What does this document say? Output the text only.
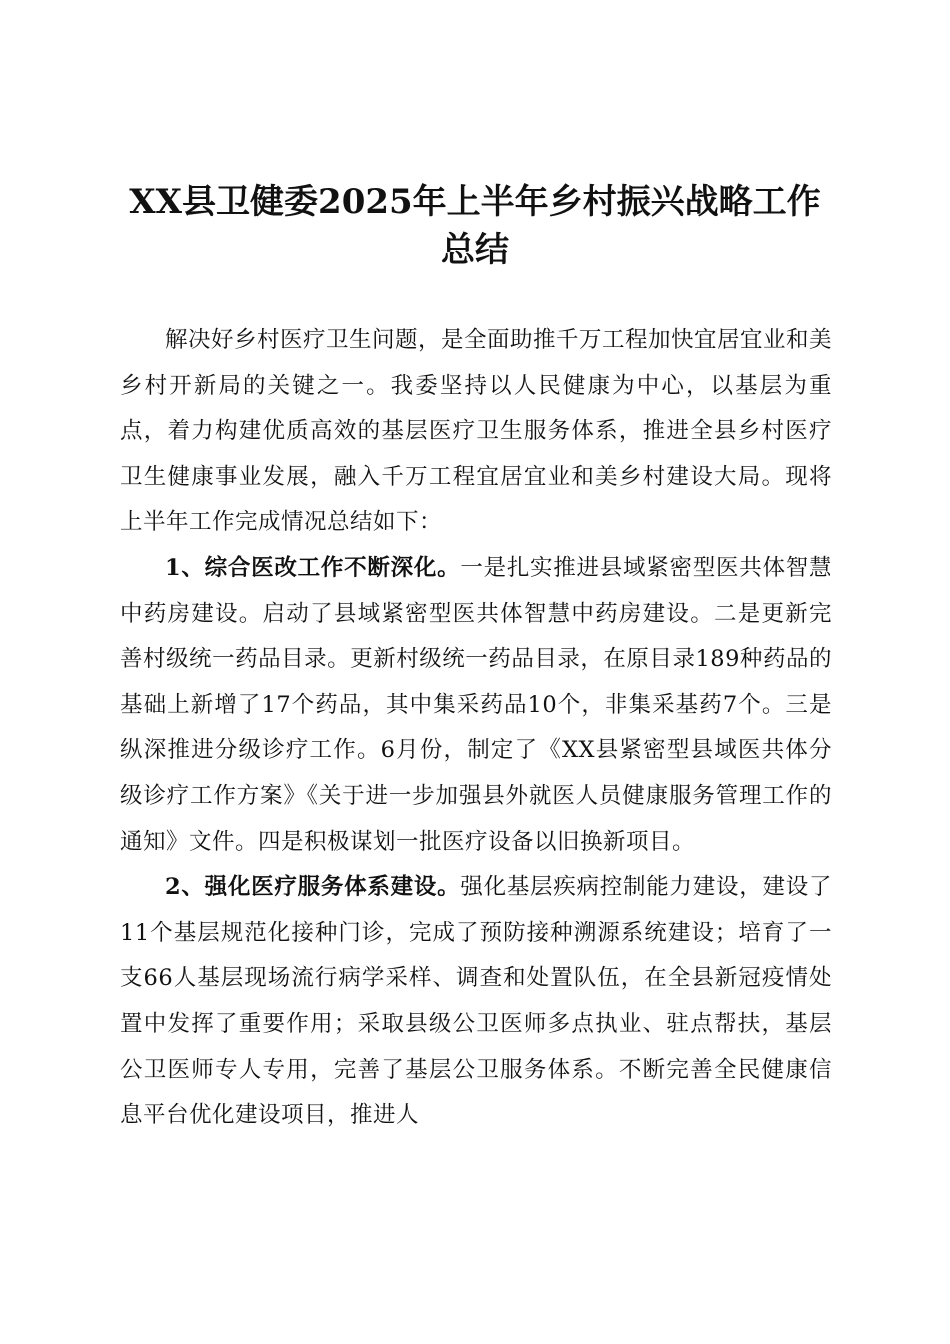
XX县卫健委2025年上半年乡村振兴战略工作
总结

解决好乡村医疗卫生问题，是全面助推千万工程加快宜居宜业和美乡村开新局的关键之一。我委坚持以人民健康为中心，以基层为重点，着力构建优质高效的基层医疗卫生服务体系，推进全县乡村医疗卫生健康事业发展，融入千万工程宜居宜业和美乡村建设大局。现将上半年工作完成情况总结如下：

1、综合医改工作不断深化。一是扎实推进县域紧密型医共体智慧中药房建设。启动了县域紧密型医共体智慧中药房建设。二是更新完善村级统一药品目录。更新村级统一药品目录，在原目录189种药品的基础上新增了17个药品，其中集采药品10个，非集采基药7个。三是纵深推进分级诊疗工作。6月份，制定了《XX县紧密型县域医共体分级诊疗工作方案》《关于进一步加强县外就医人员健康服务管理工作的通知》文件。四是积极谋划一批医疗设备以旧换新项目。

2、强化医疗服务体系建设。强化基层疾病控制能力建设，建设了11个基层规范化接种门诊，完成了预防接种溯源系统建设；培育了一支66人基层现场流行病学采样、调查和处置队伍，在全县新冠疫情处置中发挥了重要作用；采取县级公卫医师多点执业、驻点帮扶，基层公卫医师专人专用，完善了基层公卫服务体系。不断完善全民健康信息平台优化建设项目，推进人
